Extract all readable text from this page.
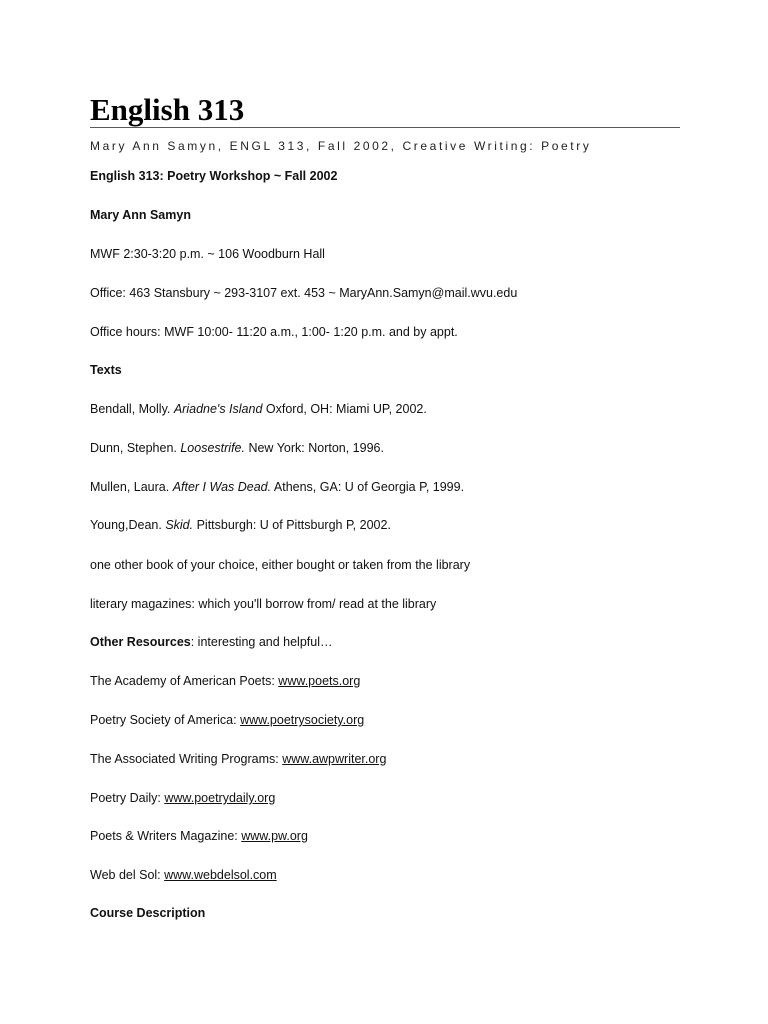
English 313
Mary Ann Samyn, ENGL 313, Fall 2002, Creative Writing: Poetry
English 313: Poetry Workshop ~ Fall 2002
Mary Ann Samyn
MWF 2:30-3:20 p.m. ~ 106 Woodburn Hall
Office: 463 Stansbury ~ 293-3107 ext. 453 ~ MaryAnn.Samyn@mail.wvu.edu
Office hours: MWF 10:00- 11:20 a.m., 1:00- 1:20 p.m. and by appt.
Texts
Bendall, Molly. Ariadne's Island Oxford, OH: Miami UP, 2002.
Dunn, Stephen. Loosestrife. New York: Norton, 1996.
Mullen, Laura. After I Was Dead. Athens, GA: U of Georgia P, 1999.
Young,Dean. Skid. Pittsburgh: U of Pittsburgh P, 2002.
one other book of your choice, either bought or taken from the library
literary magazines: which you'll borrow from/ read at the library
Other Resources: interesting and helpful…
The Academy of American Poets: www.poets.org
Poetry Society of America: www.poetrysociety.org
The Associated Writing Programs: www.awpwriter.org
Poetry Daily: www.poetrydaily.org
Poets & Writers Magazine: www.pw.org
Web del Sol: www.webdelsol.com
Course Description
